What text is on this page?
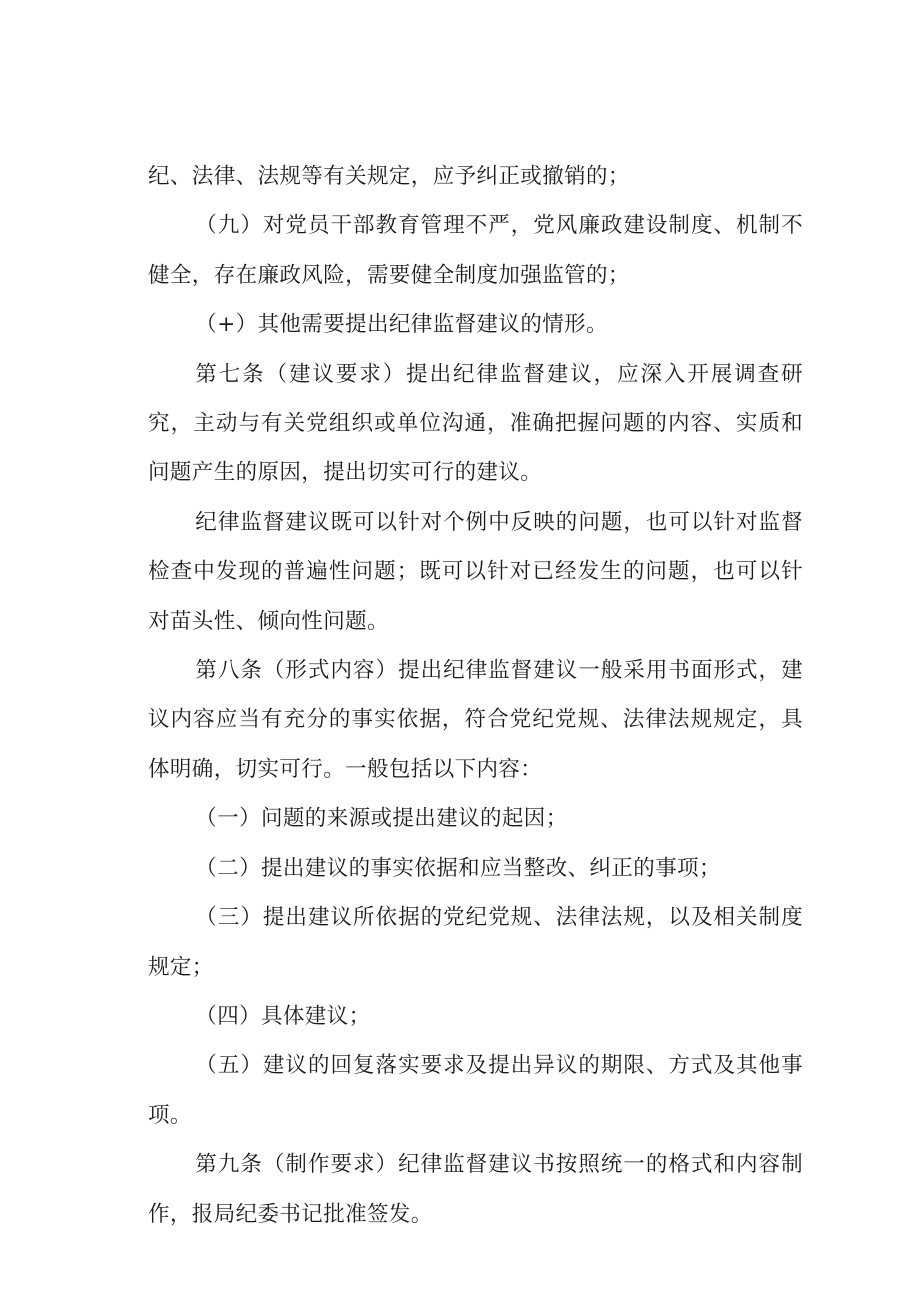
纪、法律、法规等有关规定，应予纠正或撤销的；

（九）对党员干部教育管理不严，党风廉政建设制度、机制不健全，存在廉政风险，需要健全制度加强监管的；

（+）其他需要提出纪律监督建议的情形。

第七条（建议要求）提出纪律监督建议，应深入开展调查研究，主动与有关党组织或单位沟通，准确把握问题的内容、实质和问题产生的原因，提出切实可行的建议。

纪律监督建议既可以针对个例中反映的问题，也可以针对监督检查中发现的普遍性问题；既可以针对已经发生的问题，也可以针对苗头性、倾向性问题。

第八条（形式内容）提出纪律监督建议一般采用书面形式，建议内容应当有充分的事实依据，符合党纪党规、法律法规规定，具体明确，切实可行。一般包括以下内容：

（一）问题的来源或提出建议的起因；

（二）提出建议的事实依据和应当整改、纠正的事项；

（三）提出建议所依据的党纪党规、法律法规，以及相关制度规定；

（四）具体建议；

（五）建议的回复落实要求及提出异议的期限、方式及其他事项。

第九条（制作要求）纪律监督建议书按照统一的格式和内容制作，报局纪委书记批准签发。
